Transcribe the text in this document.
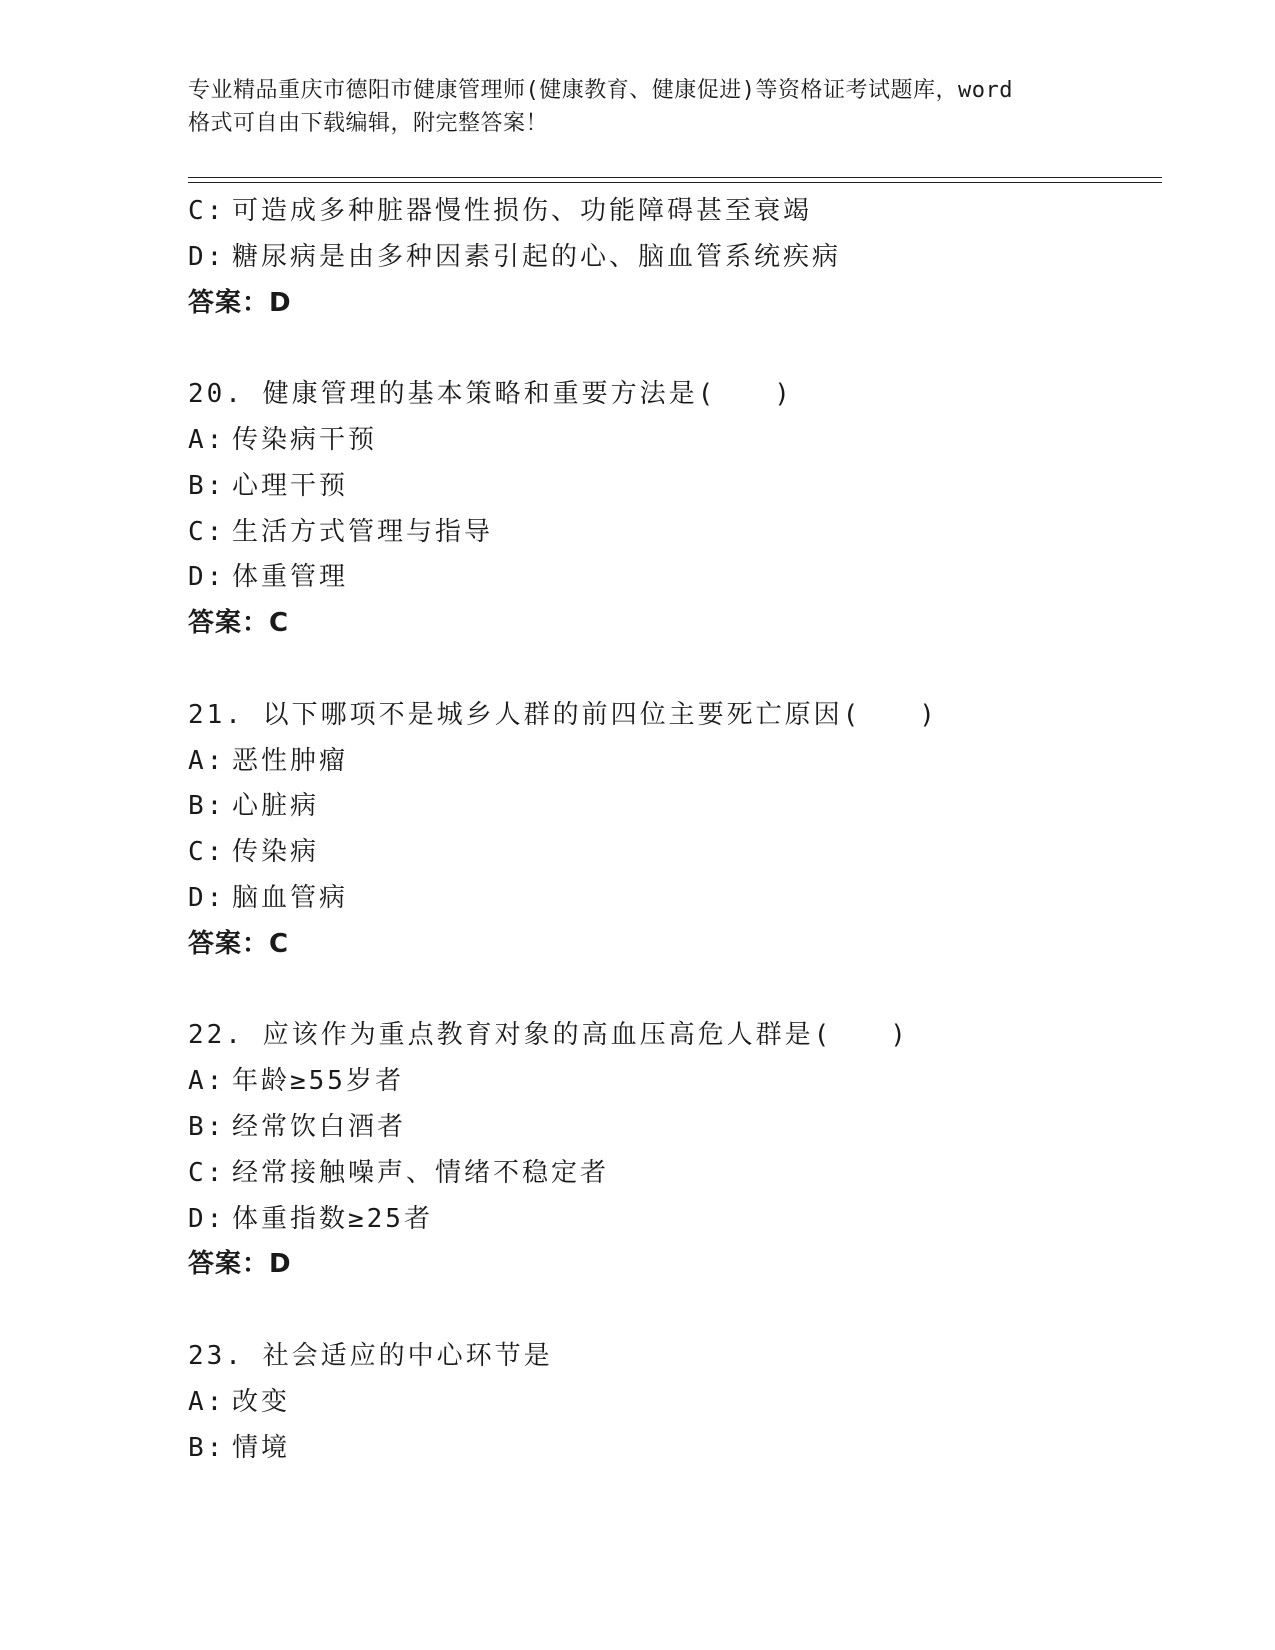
专业精品重庆市德阳市健康管理师(健康教育、健康促进)等资格证考试题库，word
格式可自由下载编辑，附完整答案！
C: 可造成多种脏器慢性损伤、功能障碍甚至衰竭
D: 糖尿病是由多种因素引起的心、脑血管系统疾病
答案：D
20. 健康管理的基本策略和重要方法是(　　)
A: 传染病干预
B: 心理干预
C: 生活方式管理与指导
D: 体重管理
答案：C
21. 以下哪项不是城乡人群的前四位主要死亡原因(　　)
A: 恶性肿瘤
B: 心脏病
C: 传染病
D: 脑血管病
答案：C
22. 应该作为重点教育对象的高血压高危人群是(　　)
A: 年龄≥55岁者
B: 经常饮白酒者
C: 经常接触噪声、情绪不稳定者
D: 体重指数≥25者
答案：D
23. 社会适应的中心环节是
A: 改变
B: 情境
